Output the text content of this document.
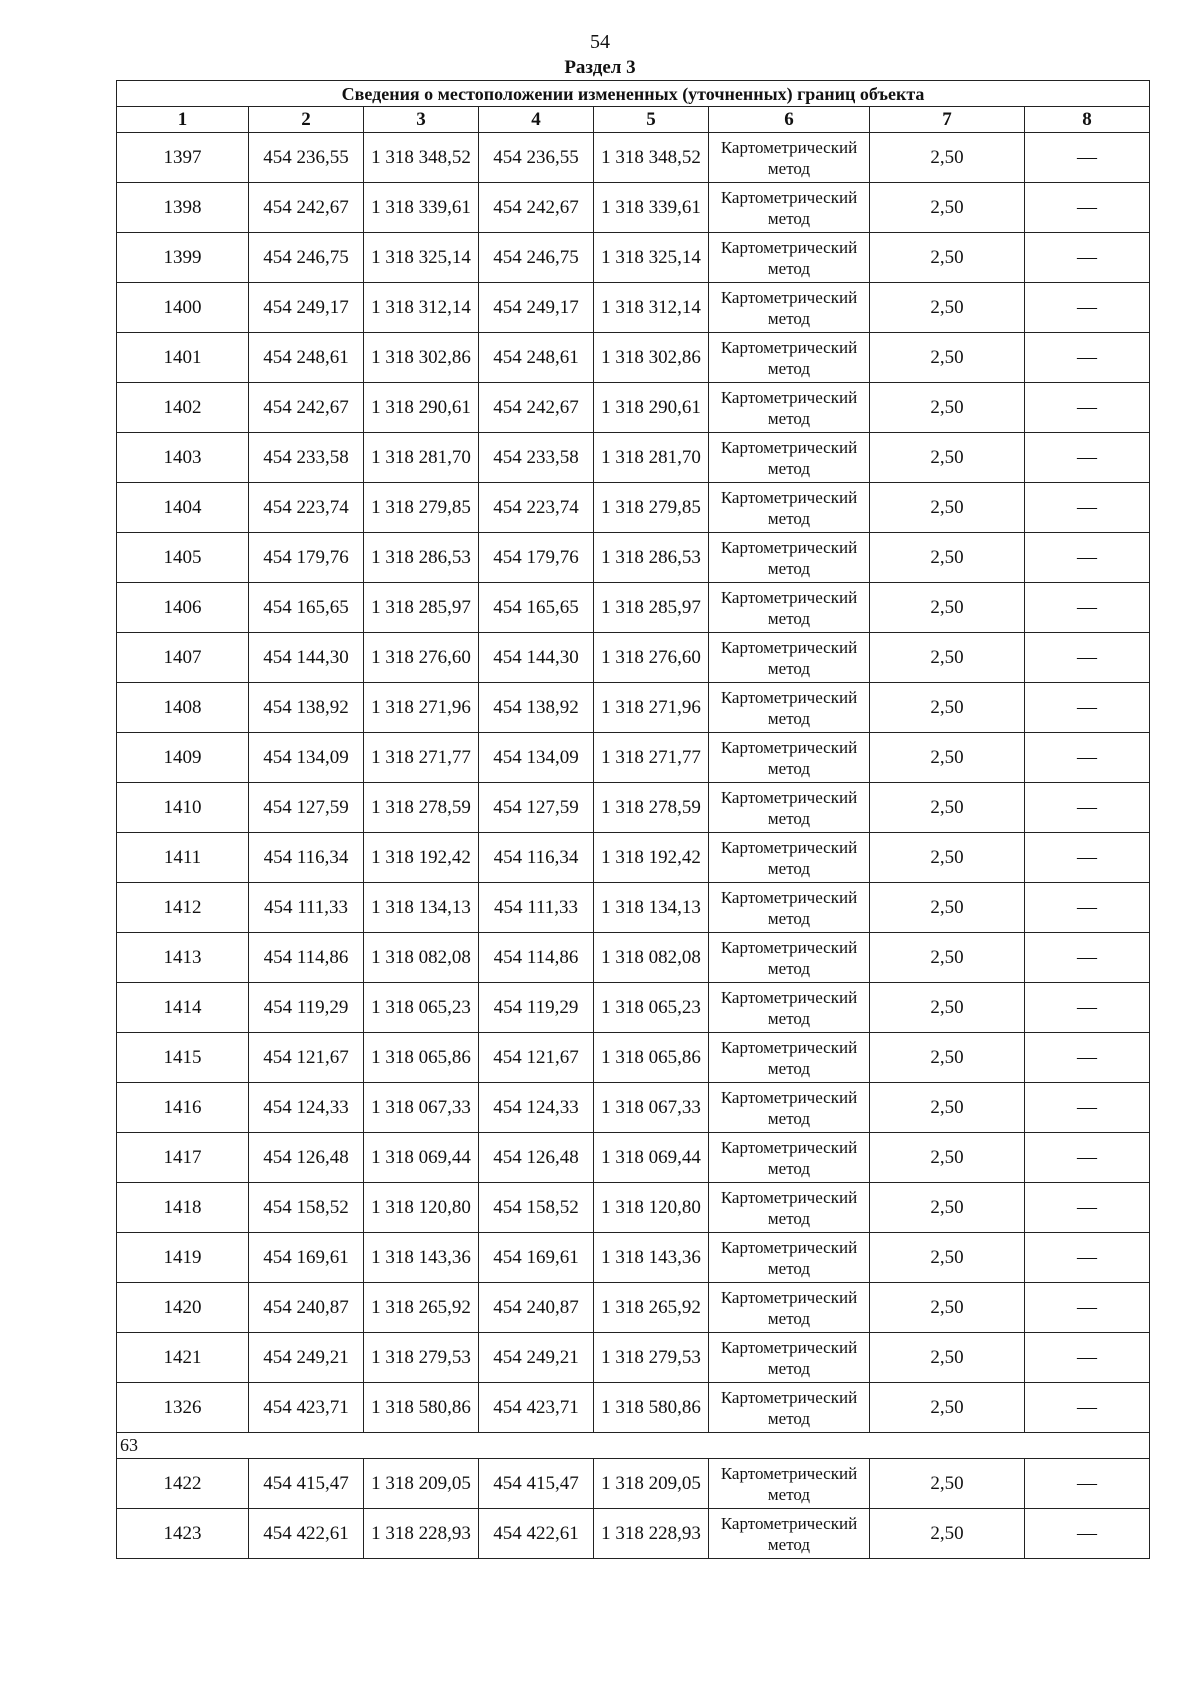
54
Раздел 3
Сведения о местоположении измененных (уточненных) границ объекта							
1	2	3	4	5	6	7	8
1397	454 236,55	1 318 348,52	454 236,55	1 318 348,52	Картометрический метод	2,50	—
1398	454 242,67	1 318 339,61	454 242,67	1 318 339,61	Картометрический метод	2,50	—
1399	454 246,75	1 318 325,14	454 246,75	1 318 325,14	Картометрический метод	2,50	—
1400	454 249,17	1 318 312,14	454 249,17	1 318 312,14	Картометрический метод	2,50	—
1401	454 248,61	1 318 302,86	454 248,61	1 318 302,86	Картометрический метод	2,50	—
1402	454 242,67	1 318 290,61	454 242,67	1 318 290,61	Картометрический метод	2,50	—
1403	454 233,58	1 318 281,70	454 233,58	1 318 281,70	Картометрический метод	2,50	—
1404	454 223,74	1 318 279,85	454 223,74	1 318 279,85	Картометрический метод	2,50	—
1405	454 179,76	1 318 286,53	454 179,76	1 318 286,53	Картометрический метод	2,50	—
1406	454 165,65	1 318 285,97	454 165,65	1 318 285,97	Картометрический метод	2,50	—
1407	454 144,30	1 318 276,60	454 144,30	1 318 276,60	Картометрический метод	2,50	—
1408	454 138,92	1 318 271,96	454 138,92	1 318 271,96	Картометрический метод	2,50	—
1409	454 134,09	1 318 271,77	454 134,09	1 318 271,77	Картометрический метод	2,50	—
1410	454 127,59	1 318 278,59	454 127,59	1 318 278,59	Картометрический метод	2,50	—
1411	454 116,34	1 318 192,42	454 116,34	1 318 192,42	Картометрический метод	2,50	—
1412	454 111,33	1 318 134,13	454 111,33	1 318 134,13	Картометрический метод	2,50	—
1413	454 114,86	1 318 082,08	454 114,86	1 318 082,08	Картометрический метод	2,50	—
1414	454 119,29	1 318 065,23	454 119,29	1 318 065,23	Картометрический метод	2,50	—
1415	454 121,67	1 318 065,86	454 121,67	1 318 065,86	Картометрический метод	2,50	—
1416	454 124,33	1 318 067,33	454 124,33	1 318 067,33	Картометрический метод	2,50	—
1417	454 126,48	1 318 069,44	454 126,48	1 318 069,44	Картометрический метод	2,50	—
1418	454 158,52	1 318 120,80	454 158,52	1 318 120,80	Картометрический метод	2,50	—
1419	454 169,61	1 318 143,36	454 169,61	1 318 143,36	Картометрический метод	2,50	—
1420	454 240,87	1 318 265,92	454 240,87	1 318 265,92	Картометрический метод	2,50	—
1421	454 249,21	1 318 279,53	454 249,21	1 318 279,53	Картометрический метод	2,50	—
1326	454 423,71	1 318 580,86	454 423,71	1 318 580,86	Картометрический метод	2,50	—
63							
1422	454 415,47	1 318 209,05	454 415,47	1 318 209,05	Картометрический метод	2,50	—
1423	454 422,61	1 318 228,93	454 422,61	1 318 228,93	Картометрический метод	2,50	—
